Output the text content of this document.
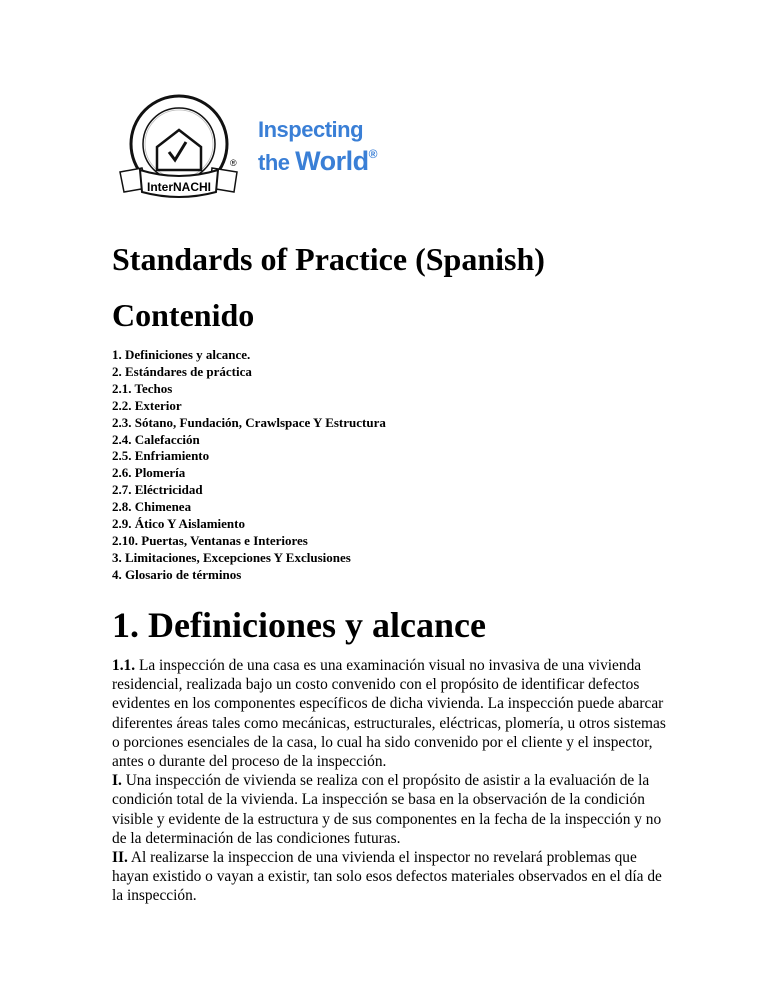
InterNACHI
®
Inspecting
the World®
Standards of Practice (Spanish)
Contenido
1. Definiciones y alcance.
2. Estándares de práctica
2.1. Techos
2.2. Exterior
2.3. Sótano, Fundación, Crawlspace Y Estructura
2.4. Calefacción
2.5. Enfriamiento
2.6. Plomería
2.7. Eléctricidad
2.8. Chimenea
2.9. Ático Y Aislamiento
2.10. Puertas, Ventanas e Interiores
3. Limitaciones, Excepciones Y Exclusiones
4. Glosario de términos
1. Definiciones y alcance

1.1. La inspección de una casa es una examinación visual no invasiva de una vivienda residencial, realizada bajo un costo convenido con el propósito de identificar defectos evidentes en los componentes específicos de dicha vivienda. La inspección puede abarcar diferentes áreas tales como mecánicas, estructurales, eléctricas, plomería, u otros sistemas o porciones esenciales de la casa, lo cual ha sido convenido por el cliente y el inspector, antes o durante del proceso de la inspección.

I. Una inspección de vivienda se realiza con el propósito de asistir a la evaluación de la condición total de la vivienda. La inspección se basa en la observación de la condición visible y evidente de la estructura y de sus componentes en la fecha de la inspección y no de la determinación de las condiciones futuras.

II. Al realizarse la inspeccion de una vivienda el inspector no revelará problemas que hayan existido o vayan a existir, tan solo esos defectos materiales observados en el día de la inspección.
